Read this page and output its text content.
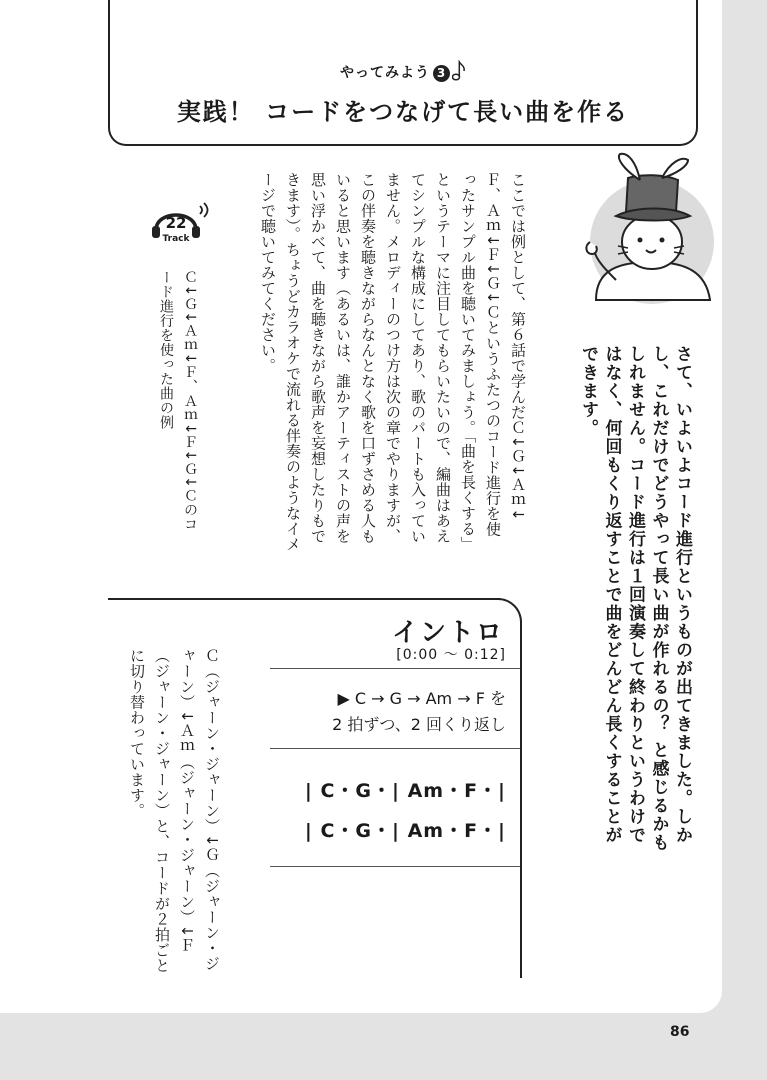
やってみよう 3
実践！ コードをつなげて長い曲を作る
さて、いよいよコード進行というものが出てきました。しかし、これだけでどうやって長い曲が作れるの？ と感じるかもしれません。コード進行は１回演奏して終わりというわけではなく、何回もくり返すことで曲をどんどん長くすることができます。
ここでは例として、第６話で学んだＣ↓Ｇ↓Ａｍ↓Ｆ、Ａｍ↓Ｆ↓Ｇ↓Ｃというふたつのコード進行を使ったサンプル曲を聴いてみましょう。「曲を長くする」というテーマに注目してもらいたいので、編曲はあえてシンプルな構成にしてあり、歌のパートも入っていません。メロディーのつけ方は次の章でやりますが、この伴奏を聴きながらなんとなく歌を口ずさめる人もいると思います（あるいは、誰かアーティストの声を思い浮かべて、曲を聴きながら歌声を妄想したりもできます）。ちょうどカラオケで流れる伴奏のようなイメージで聴いてみてください。
22
Track
Ｃ↓Ｇ↓Ａｍ↓Ｆ、Ａｍ↓Ｆ↓Ｇ↓Ｃのコード進行を使った曲の例
イントロ
[0:00 〜 0:12]
▶ C → G → Am → F を
2 拍ずつ、2 回くり返し
| C・G・| Am・F・|
| C・G・| Am・F・|
Ｃ（ジャーン・ジャーン）↓Ｇ（ジャーン・ジャーン）↓Ａｍ（ジャーン・ジャーン）↓Ｆ（ジャーン・ジャーン）と、コードが２拍ごとに切り替わっています。
86
